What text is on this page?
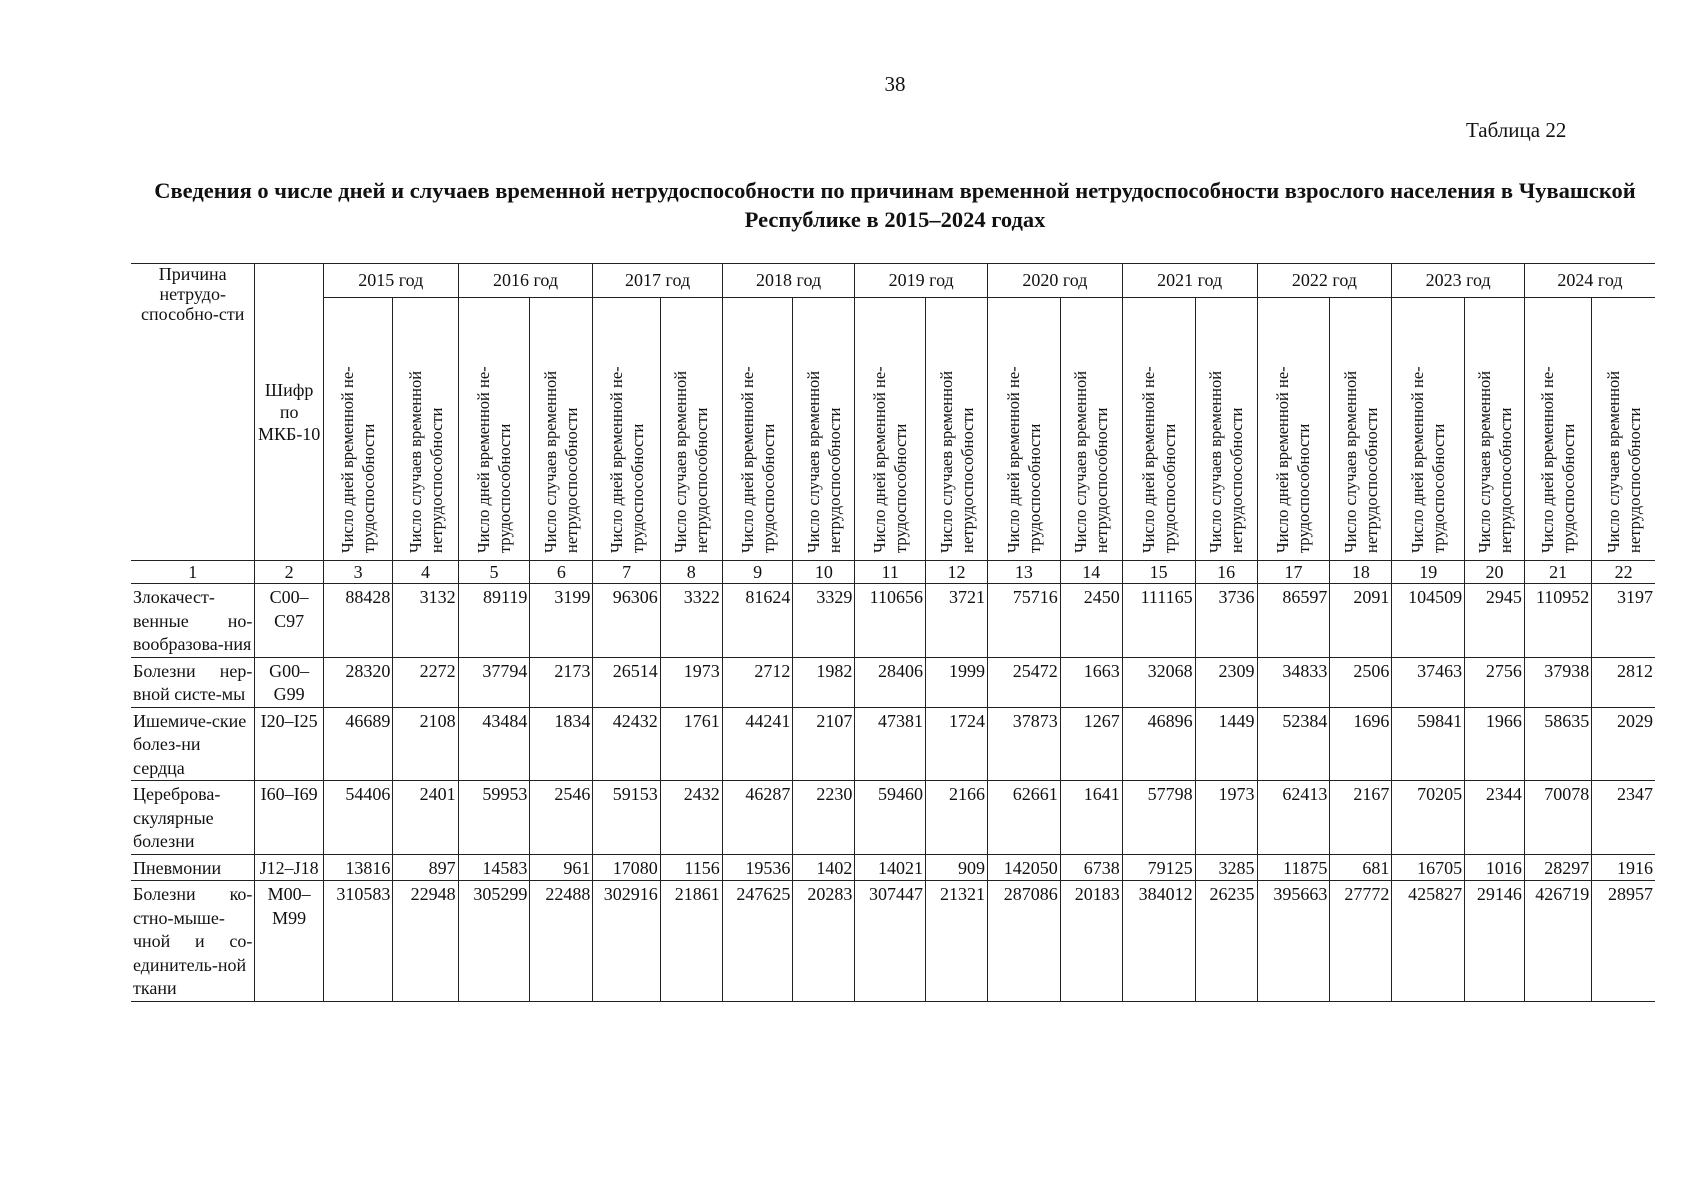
38
Таблица 22
Сведения о числе дней и случаев временной нетрудоспособности по причинам временной нетрудоспособности взрослого населения в Чувашской Республике в 2015–2024 годах
Причина нетрудо-способно-сти	Шифр по МКБ-10	2015 год		2016 год		2017 год		2018 год		2019 год		2020 год		2021 год		2022 год		2023 год		2024 год	

		Число дней временной не-трудоспособности	Число случаев временной нетрудоспособности	Число дней временной не-трудоспособности	Число случаев временной нетрудоспособности	Число дней временной не-трудоспособности	Число случаев временной нетрудоспособности	Число дней временной не-трудоспособности	Число случаев временной нетрудоспособности	Число дней временной не-трудоспособности	Число случаев временной нетрудоспособности	Число дней временной не-трудоспособности	Число случаев временной нетрудоспособности	Число дней временной не-трудоспособности	Число случаев временной нетрудоспособности	Число дней временной не-трудоспособности	Число случаев временной нетрудоспособности	Число дней временной не-трудоспособности	Число случаев временной нетрудоспособности	Число дней временной не-трудоспособности	Число случаев временной нетрудоспособности

1	2	3	4	5	6	7	8	9	10	11	12	13	14	15	16	17	18	19	20	21	22
Злокачест-венные но-вообразова-ния	C00–C97	88428	3132	89119	3199	96306	3322	81624	3329	110656	3721	75716	2450	111165	3736	86597	2091	104509	2945	110952	3197
Болезни нер-вной систе-мы	G00–G99	28320	2272	37794	2173	26514	1973	2712	1982	28406	1999	25472	1663	32068	2309	34833	2506	37463	2756	37938	2812
Ишемиче-ские болез-ни сердца	I20–I25	46689	2108	43484	1834	42432	1761	44241	2107	47381	1724	37873	1267	46896	1449	52384	1696	59841	1966	58635	2029
Цереброва-скулярные болезни	I60–I69	54406	2401	59953	2546	59153	2432	46287	2230	59460	2166	62661	1641	57798	1973	62413	2167	70205	2344	70078	2347
Пневмонии	J12–J18	13816	897	14583	961	17080	1156	19536	1402	14021	909	142050	6738	79125	3285	11875	681	16705	1016	28297	1916
Болезни ко-стно-мыше-чной и со-единитель-ной ткани	M00–M99	310583	22948	305299	22488	302916	21861	247625	20283	307447	21321	287086	20183	384012	26235	395663	27772	425827	29146	426719	28957
